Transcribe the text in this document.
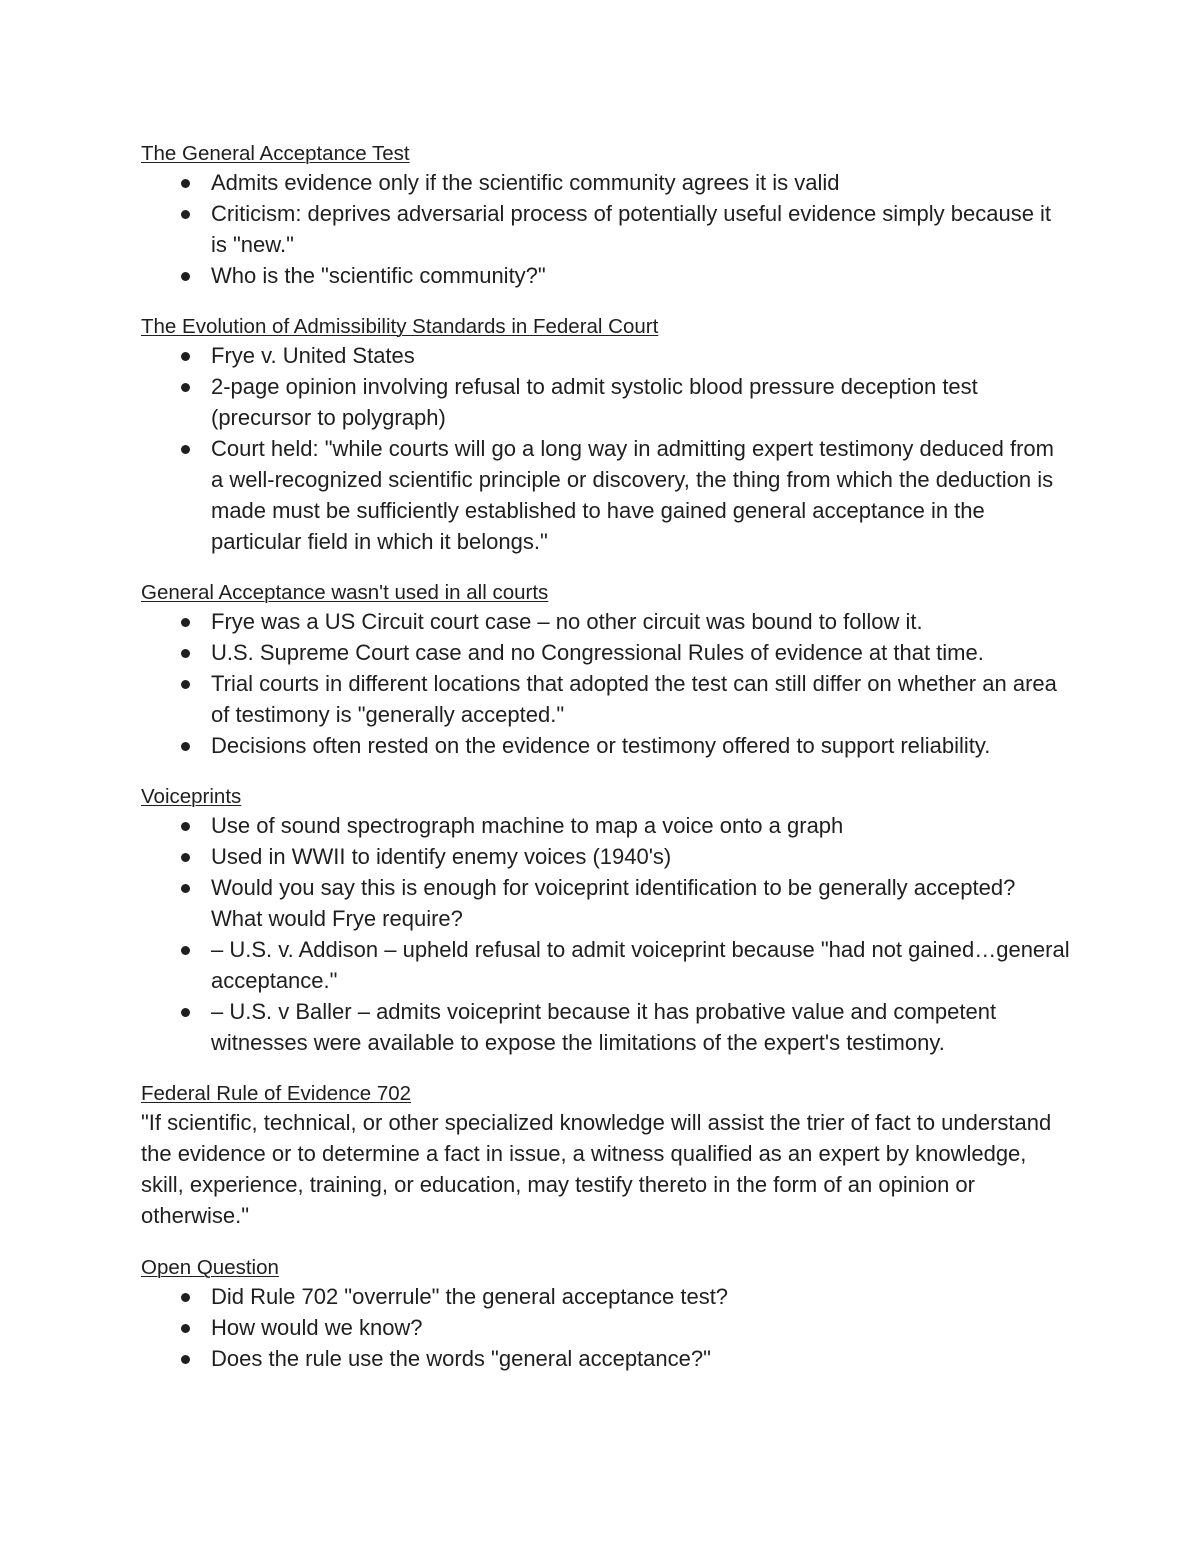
The General Acceptance Test
Admits evidence only if the scientific community agrees it is valid
Criticism: deprives adversarial process of potentially useful evidence simply because it is "new."
Who is the "scientific community?"
The Evolution of Admissibility Standards in Federal Court
Frye v. United States
2-page opinion involving refusal to admit systolic blood pressure deception test (precursor to polygraph)
Court held: "while courts will go a long way in admitting expert testimony deduced from a well-recognized scientific principle or discovery, the thing from which the deduction is made must be sufficiently established to have gained general acceptance in the particular field in which it belongs."
General Acceptance wasn't used in all courts
Frye was a US Circuit court case – no other circuit was bound to follow it.
U.S. Supreme Court case and no Congressional Rules of evidence at that time.
Trial courts in different locations that adopted the test can still differ on whether an area of testimony is "generally accepted."
Decisions often rested on the evidence or testimony offered to support reliability.
Voiceprints
Use of sound spectrograph machine to map a voice onto a graph
Used in WWII to identify enemy voices (1940's)
Would you say this is enough for voiceprint identification to be generally accepted? What would Frye require?
– U.S. v. Addison – upheld refusal to admit voiceprint because "had not gained…general acceptance."
– U.S. v Baller – admits voiceprint because it has probative value and competent witnesses were available to expose the limitations of the expert's testimony.
Federal Rule of Evidence 702

"If scientific, technical, or other specialized knowledge will assist the trier of fact to understand the evidence or to determine a fact in issue, a witness qualified as an expert by knowledge, skill, experience, training, or education, may testify thereto in the form of an opinion or otherwise."

Open Question
Did Rule 702 "overrule" the general acceptance test?
How would we know?
Does the rule use the words "general acceptance?"
